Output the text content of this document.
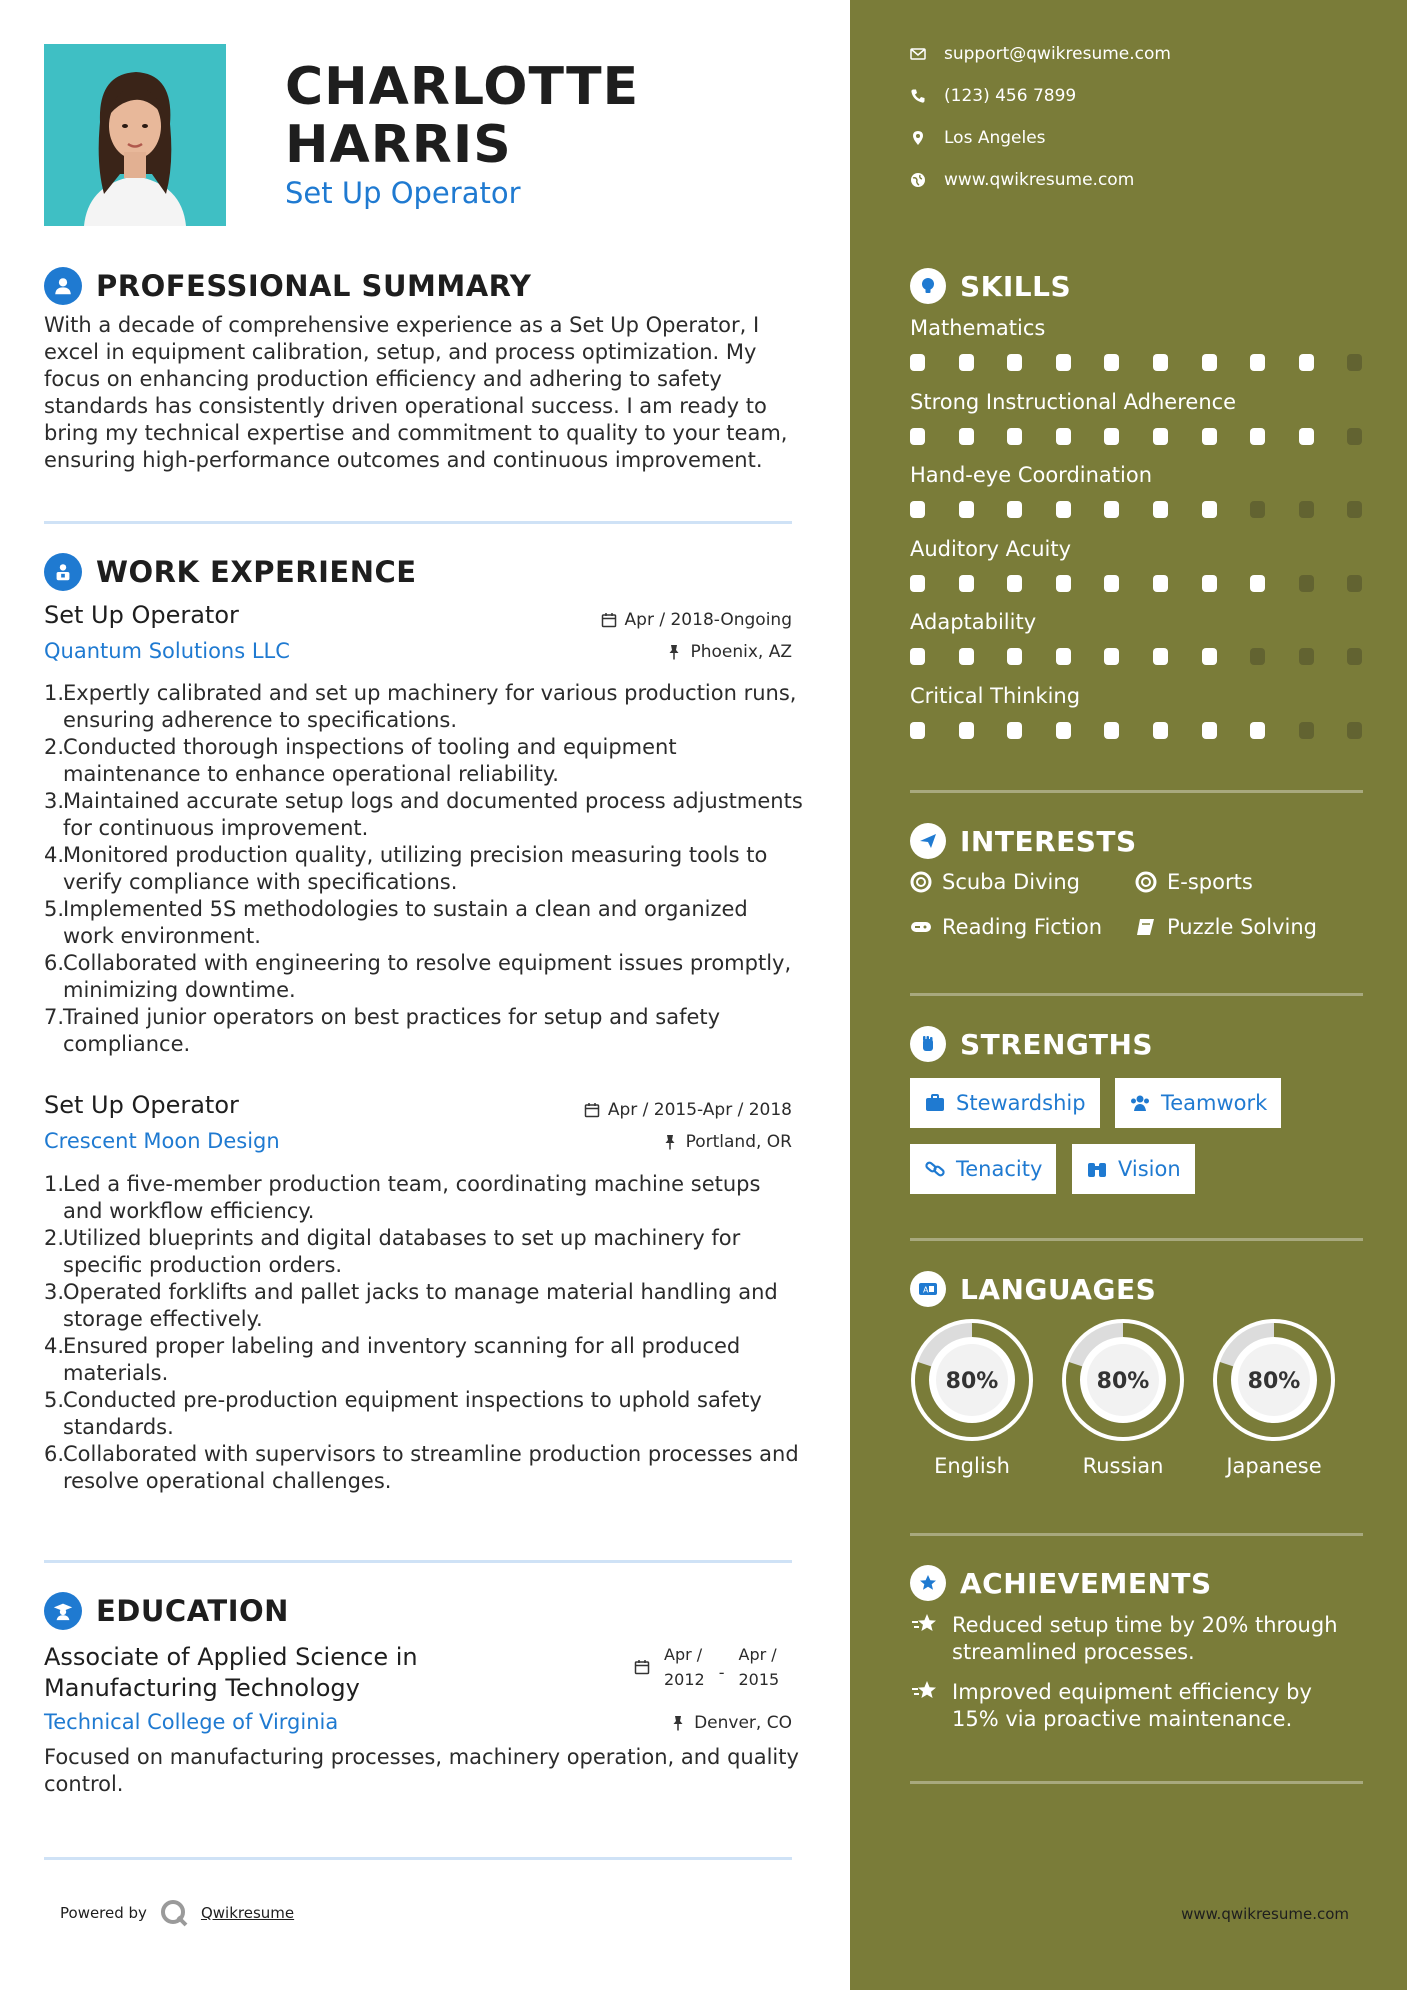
CHARLOTTE
HARRIS
Set Up Operator
PROFESSIONAL SUMMARY
With a decade of comprehensive experience as a Set Up Operator, I excel in equipment calibration, setup, and process optimization. My focus on enhancing production efficiency and adhering to safety standards has consistently driven operational success. I am ready to bring my technical expertise and commitment to quality to your team, ensuring high-performance outcomes and continuous improvement.
WORK EXPERIENCE
Set Up Operator
Quantum Solutions LLC
Apr / 2018-Ongoing
Phoenix, AZ
1.
Expertly calibrated and set up machinery for various production runs, ensuring adherence to specifications.
2.
Conducted thorough inspections of tooling and equipment maintenance to enhance operational reliability.
3.
Maintained accurate setup logs and documented process adjustments for continuous improvement.
4.
Monitored production quality, utilizing precision measuring tools to verify compliance with specifications.
5.
Implemented 5S methodologies to sustain a clean and organized work environment.
6.
Collaborated with engineering to resolve equipment issues promptly, minimizing downtime.
7.
Trained junior operators on best practices for setup and safety compliance.
Set Up Operator
Crescent Moon Design
Apr / 2015-Apr / 2018
Portland, OR
1.
Led a five-member production team, coordinating machine setups and workflow efficiency.
2.
Utilized blueprints and digital databases to set up machinery for specific production orders.
3.
Operated forklifts and pallet jacks to manage material handling and storage effectively.
4.
Ensured proper labeling and inventory scanning for all produced materials.
5.
Conducted pre-production equipment inspections to uphold safety standards.
6.
Collaborated with supervisors to streamline production processes and resolve operational challenges.
EDUCATION
Associate of Applied Science in Manufacturing Technology
Apr /
2012 -
Apr /
2015
Technical College of Virginia	Denver, CO
Focused on manufacturing processes, machinery operation, and quality control.
Powered by	Qwikresume
support@qwikresume.com
(123) 456 7899
Los Angeles
www.qwikresume.com
SKILLS
Mathematics
Strong Instructional Adherence
Hand-eye Coordination
Auditory Acuity
Adaptability
Critical Thinking
INTERESTS
Scuba Diving	E-sports
Reading Fiction	Puzzle Solving
STRENGTHS
Stewardship	Teamwork
Tenacity	Vision
A LANGUAGES
80%
English
80%
Russian
80%
Japanese
ACHIEVEMENTS
Reduced setup time by 20% through streamlined processes.
Improved equipment efficiency by 15% via proactive maintenance.
www.qwikresume.com
